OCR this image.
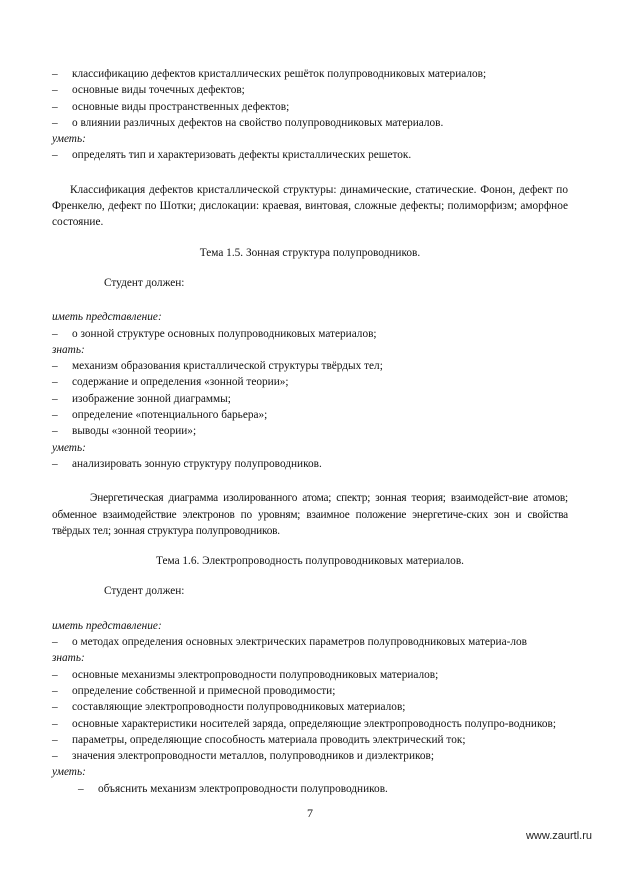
– классификацию дефектов кристаллических решёток полупроводниковых материалов;
– основные виды точечных дефектов;
– основные виды пространственных дефектов;
– о влиянии различных дефектов на свойство полупроводниковых материалов.
уметь:
– определять тип и характеризовать дефекты кристаллических решеток.
Классификация дефектов кристаллической структуры: динамические, статические. Фонон, дефект по Френкелю, дефект по Шотки; дислокации: краевая, винтовая, сложные дефекты; полиморфизм; аморфное состояние.
Тема 1.5. Зонная структура полупроводников.
Студент должен:
иметь представление:
– о зонной структуре основных полупроводниковых материалов;
знать:
– механизм образования кристаллической структуры твёрдых тел;
– содержание и определения «зонной теории»;
– изображение зонной диаграммы;
– определение «потенциального барьера»;
– выводы «зонной теории»;
уметь:
– анализировать зонную структуру полупроводников.
Энергетическая диаграмма изолированного атома; спектр; зонная теория; взаимодейст-вие атомов; обменное взаимодействие электронов по уровням; взаимное положение энергетиче-ских зон и свойства твёрдых тел; зонная структура полупроводников.
Тема 1.6. Электропроводность полупроводниковых материалов.
Студент должен:
иметь представление:
– о методах определения основных электрических параметров полупроводниковых материа-лов
знать:
– основные механизмы электропроводности полупроводниковых материалов;
– определение собственной и примесной проводимости;
– составляющие электропроводности полупроводниковых материалов;
– основные характеристики носителей заряда, определяющие электропроводность полупро-водников;
– параметры, определяющие способность материала проводить электрический ток;
– значения электропроводности металлов, полупроводников и диэлектриков;
уметь:
– объяснить механизм электропроводности полупроводников.
7
www.zaurtl.ru
